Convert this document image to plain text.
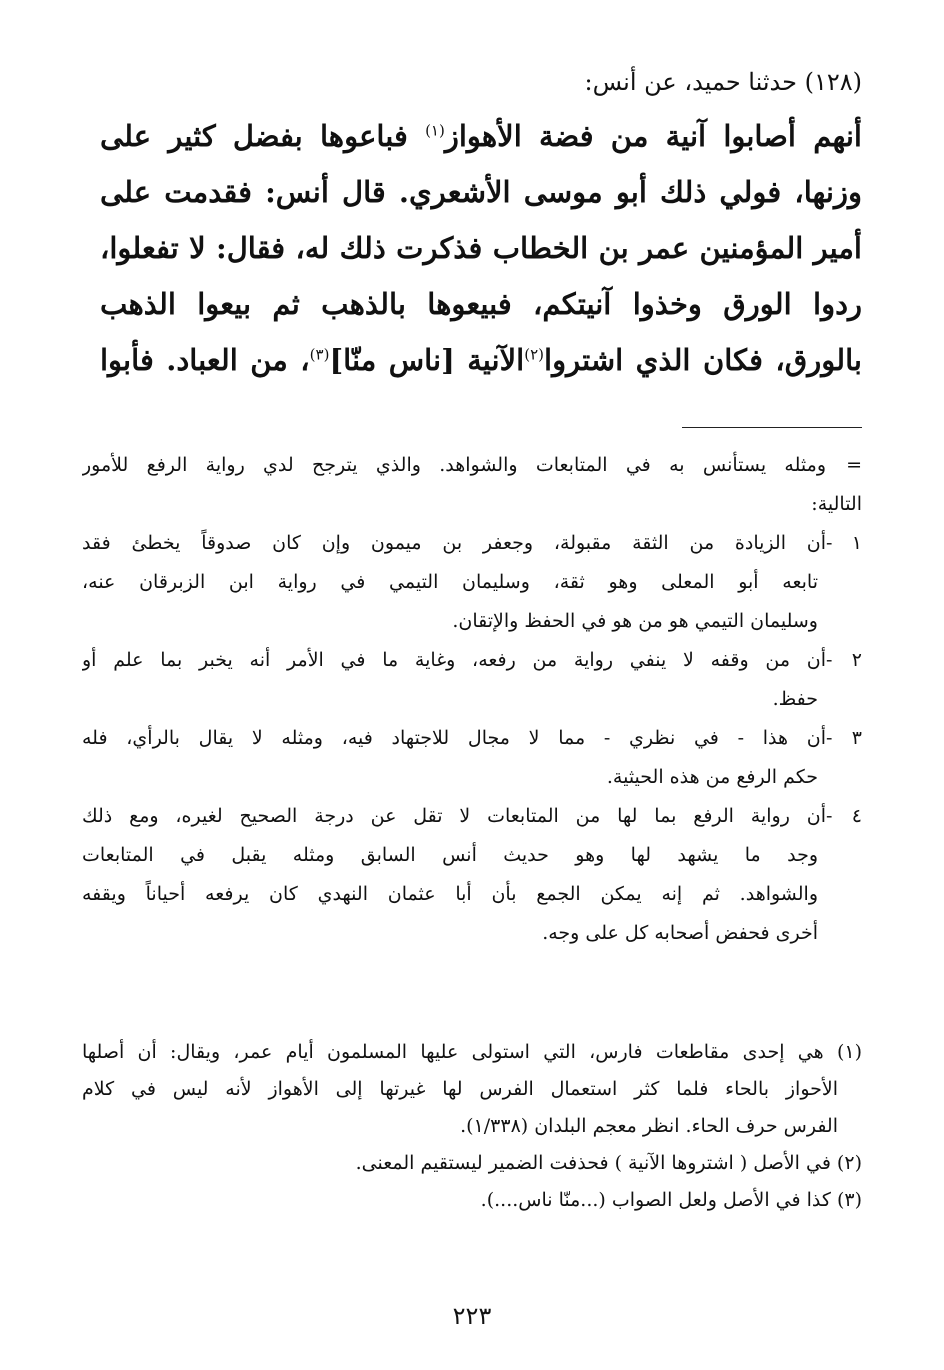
(١٢٨) حدثنا حميد، عن أنس:
أنهم أصابوا آنية من فضة الأهواز$^{(١)}$ فباعوها بفضل كثير على
وزنها، فولي ذلك أبو موسى الأشعري. قال أنس: فقدمت على
أمير المؤمنين عمر بن الخطاب فذكرت ذلك له، فقال: لا تفعلوا،
ردوا الورق وخذوا آنيتكم، فبيعوها بالذهب ثم بيعوا الذهب
بالورق، فكان الذي اشتروا$^{(٢)}$الآنية [ناس منّا]$^{(٣)}$، من العباد. فأبوا
=ومثله يستأنس به في المتابعات والشواهد. والذي يترجح لدي رواية الرفع للأمور
التالية:
١ -أن الزيادة من الثقة مقبولة، وجعفر بن ميمون وإن كان صدوقاً يخطئ فقد
تابعه أبو المعلى وهو ثقة، وسليمان التيمي في رواية ابن الزبرقان عنه،
وسليمان التيمي هو من هو في الحفظ والإتقان.
٢ -أن من وقفه لا ينفي رواية من رفعه، وغاية ما في الأمر أنه يخبر بما علم أو
حفظ.
٣ -أن هذا - في نظري - مما لا مجال للاجتهاد فيه، ومثله لا يقال بالرأي، فله
حكم الرفع من هذه الحيثية.
٤ -أن رواية الرفع بما لها من المتابعات لا تقل عن درجة الصحيح لغيره، ومع ذلك
وجد ما يشهد لها وهو حديث أنس السابق ومثله يقبل في المتابعات
والشواهد. ثم إنه يمكن الجمع بأن أبا عثمان النهدي كان يرفعه أحياناً ويقفه
أخرى فحفض أصحابه كل على وجه.
(١) هي إحدى مقاطعات فارس، التي استولى عليها المسلمون أيام عمر، ويقال: أن أصلها
الأحواز بالحاء فلما كثر استعمال الفرس لها غيرتها إلى الأهواز لأنه ليس في كلام
الفرس حرف الحاء. انظر معجم البلدان (١/٣٣٨).
(٢) في الأصل ( اشتروها الآنية ) فحذفت الضمير ليستقيم المعنى.
(٣) كذا في الأصل ولعل الصواب (...منّا ناس....).
٢٢٣
